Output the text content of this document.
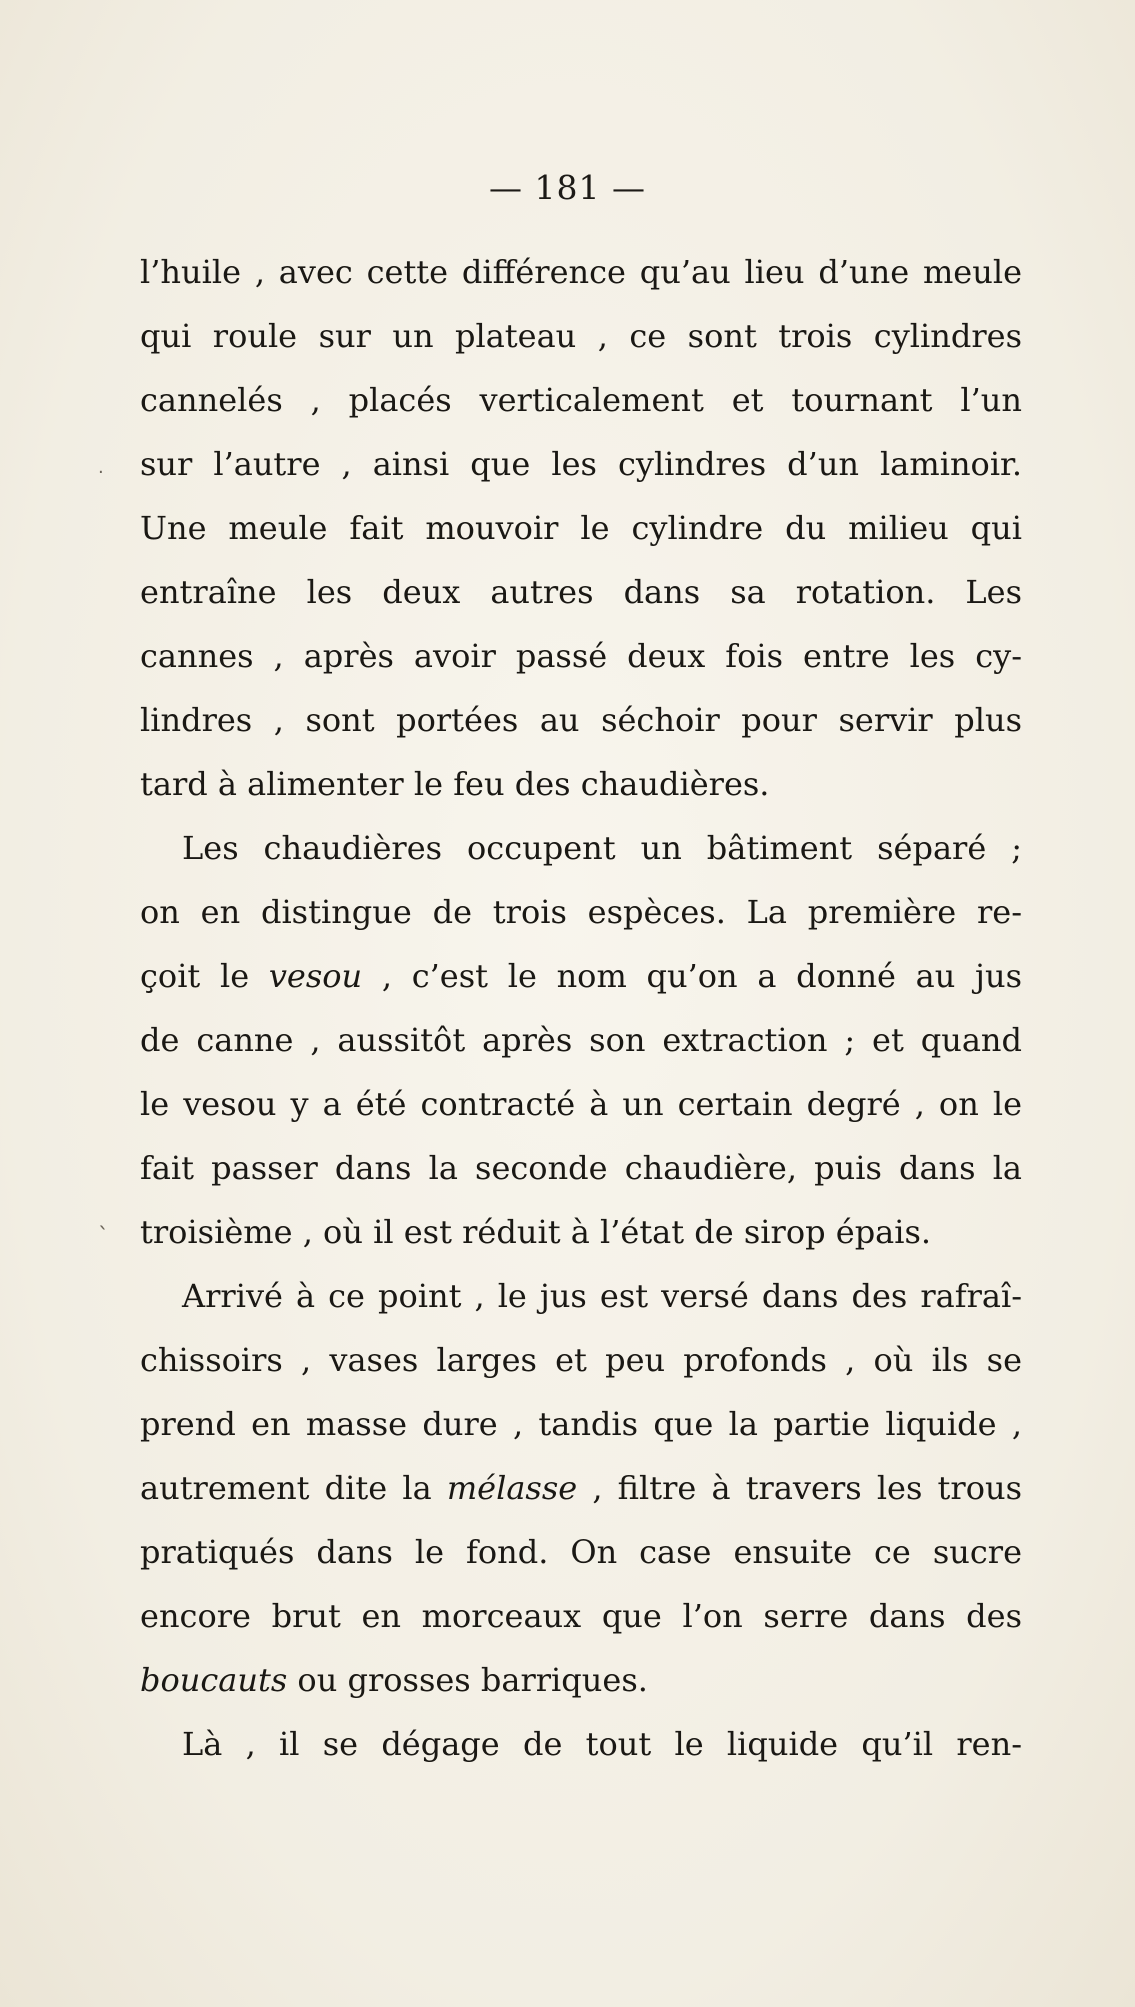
— 181 —
l’huile , avec cette différence qu’au lieu d’une meule
qui roule sur un plateau , ce sont trois cylindres
cannelés , placés verticalement et tournant l’un
sur l’autre , ainsi que les cylindres d’un laminoir.
Une meule fait mouvoir le cylindre du milieu qui
entraîne les deux autres dans sa rotation. Les
cannes , après avoir passé deux fois entre les cy-
lindres , sont portées au séchoir pour servir plus
tard à alimenter le feu des chaudières.
Les chaudières occupent un bâtiment séparé ;
on en distingue de trois espèces. La première re-
çoit le vesou , c’est le nom qu’on a donné au jus
de canne , aussitôt après son extraction ; et quand
le vesou y a été contracté à un certain degré , on le
fait passer dans la seconde chaudière, puis dans la
troisième , où il est réduit à l’état de sirop épais.
Arrivé à ce point , le jus est versé dans des rafraî-
chissoirs , vases larges et peu profonds , où ils se
prend en masse dure , tandis que la partie liquide ,
autrement dite la mélasse , filtre à travers les trous
pratiqués dans le fond. On case ensuite ce sucre
encore brut en morceaux que l’on serre dans des
boucauts ou grosses barriques.
Là , il se dégage de tout le liquide qu’il ren-
ˎ
·
